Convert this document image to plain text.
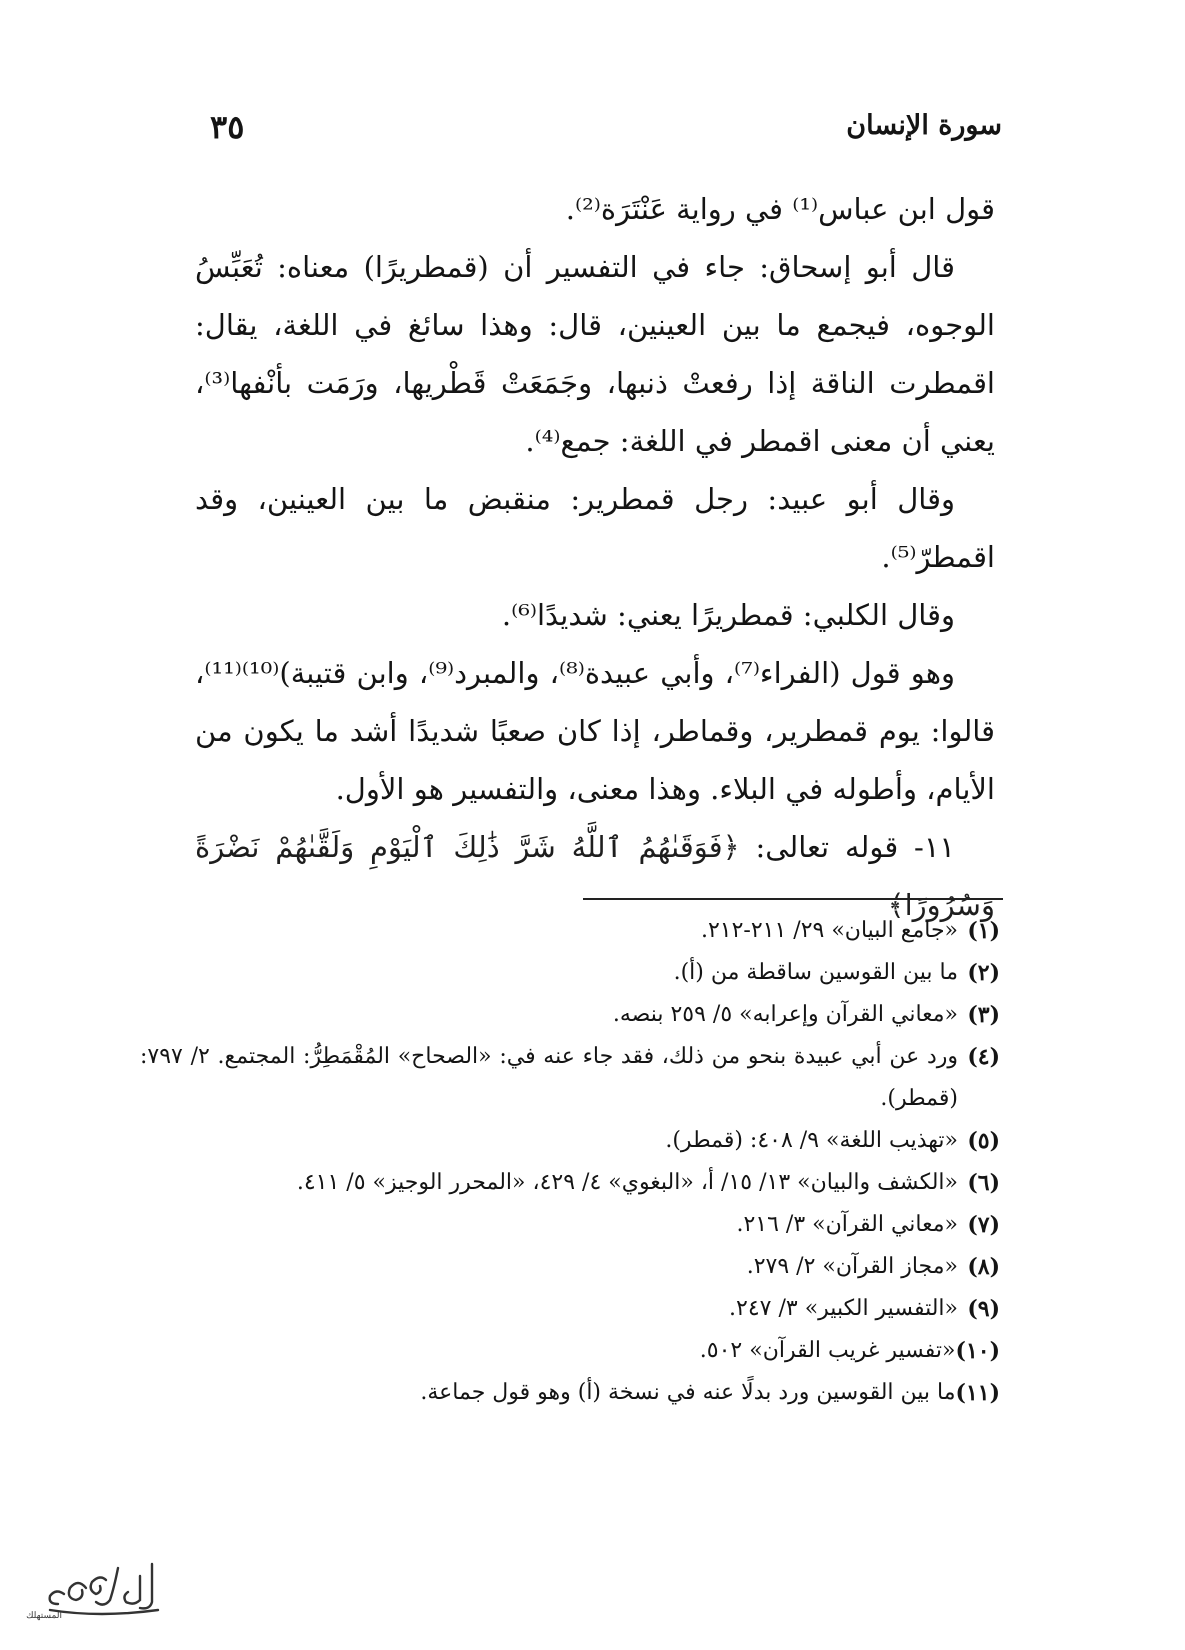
سورة الإنسان
٣٥

قول ابن عباس⁽¹⁾ في رواية عَنْتَرَة⁽²⁾.

قال أبو إسحاق: جاء في التفسير أن (قمطريرًا) معناه: تُعَبِّسُ الوجوه، فيجمع ما بين العينين، قال: وهذا سائغ في اللغة، يقال: اقمطرت الناقة إذا رفعتْ ذنبها، وجَمَعَتْ قَطْريها، ورَمَت بأنْفها⁽³⁾، يعني أن معنى اقمطر في اللغة: جمع⁽⁴⁾.

وقال أبو عبيد: رجل قمطرير: منقبض ما بين العينين، وقد اقمطرّ⁽⁵⁾.

وقال الكلبي: قمطريرًا يعني: شديدًا⁽⁶⁾.

وهو قول (الفراء⁽⁷⁾، وأبي عبيدة⁽⁸⁾، والمبرد⁽⁹⁾، وابن قتيبة)⁽¹⁰⁾⁽¹¹⁾، قالوا: يوم قمطرير، وقماطر، إذا كان صعبًا شديدًا أشد ما يكون من الأيام، وأطوله في البلاء. وهذا معنى، والتفسير هو الأول.

١١- قوله تعالى: ﴿فَوَقَىٰهُمُ ٱللَّهُ شَرَّ ذَٰلِكَ ٱلْيَوْمِ وَلَقَّىٰهُمْ نَضْرَةً وَسُرُورًا﴾

(١)
«جامع البيان» ٢٩/ ٢١١-٢١٢.
(٢)
ما بين القوسين ساقطة من (أ).
(٣)
«معاني القرآن وإعرابه» ٥/ ٢٥٩ بنصه.
(٤)
ورد عن أبي عبيدة بنحو من ذلك، فقد جاء عنه في: «الصحاح» المُقْمَطِرُّ: المجتمع. ٢/ ٧٩٧: (قمطر).
(٥)
«تهذيب اللغة» ٩/ ٤٠٨: (قمطر).
(٦)
«الكشف والبيان» ١٣/ ١٥/ أ، «البغوي» ٤/ ٤٢٩، «المحرر الوجيز» ٥/ ٤١١.
(٧)
«معاني القرآن» ٣/ ٢١٦.
(٨)
«مجاز القرآن» ٢/ ٢٧٩.
(٩)
«التفسير الكبير» ٣/ ٢٤٧.
(١٠)
«تفسير غريب القرآن» ٥٠٢.
(١١)
ما بين القوسين ورد بدلًا عنه في نسخة (أ) وهو قول جماعة.
المستهلك
